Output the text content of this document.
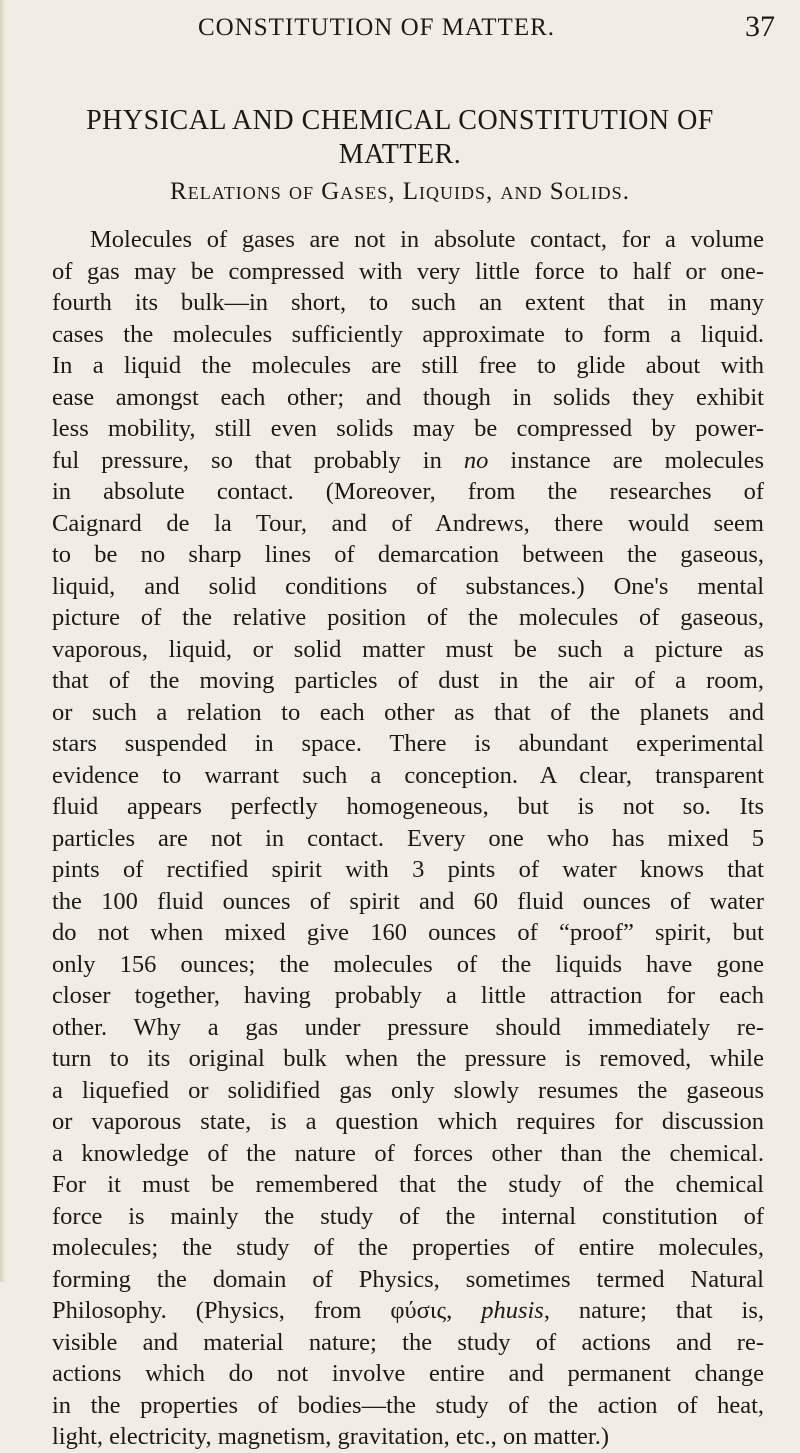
CONSTITUTION OF MATTER.	37
PHYSICAL AND CHEMICAL CONSTITUTION OF
MATTER.
Relations of Gases, Liquids, and Solids.
Molecules of gases are not in absolute contact, for a volume
of gas may be compressed with very little force to half or one-
fourth its bulk—in short, to such an extent that in many
cases the molecules sufficiently approximate to form a liquid.
In a liquid the molecules are still free to glide about with
ease amongst each other; and though in solids they exhibit
less mobility, still even solids may be compressed by power-
ful pressure, so that probably in no instance are molecules
in absolute contact. (Moreover, from the researches of
Caignard de la Tour, and of Andrews, there would seem
to be no sharp lines of demarcation between the gaseous,
liquid, and solid conditions of substances.) One's mental
picture of the relative position of the molecules of gaseous,
vaporous, liquid, or solid matter must be such a picture as
that of the moving particles of dust in the air of a room,
or such a relation to each other as that of the planets and
stars suspended in space. There is abundant experimental
evidence to warrant such a conception. A clear, transparent
fluid appears perfectly homogeneous, but is not so. Its
particles are not in contact. Every one who has mixed 5
pints of rectified spirit with 3 pints of water knows that
the 100 fluid ounces of spirit and 60 fluid ounces of water
do not when mixed give 160 ounces of “proof” spirit, but
only 156 ounces; the molecules of the liquids have gone
closer together, having probably a little attraction for each
other. Why a gas under pressure should immediately re-
turn to its original bulk when the pressure is removed, while
a liquefied or solidified gas only slowly resumes the gaseous
or vaporous state, is a question which requires for discussion
a knowledge of the nature of forces other than the chemical.
For it must be remembered that the study of the chemical
force is mainly the study of the internal constitution of
molecules; the study of the properties of entire molecules,
forming the domain of Physics, sometimes termed Natural
Philosophy. (Physics, from φύσις, phusis, nature; that is,
visible and material nature; the study of actions and re-
actions which do not involve entire and permanent change
in the properties of bodies—the study of the action of heat,
light, electricity, magnetism, gravitation, etc., on matter.)
